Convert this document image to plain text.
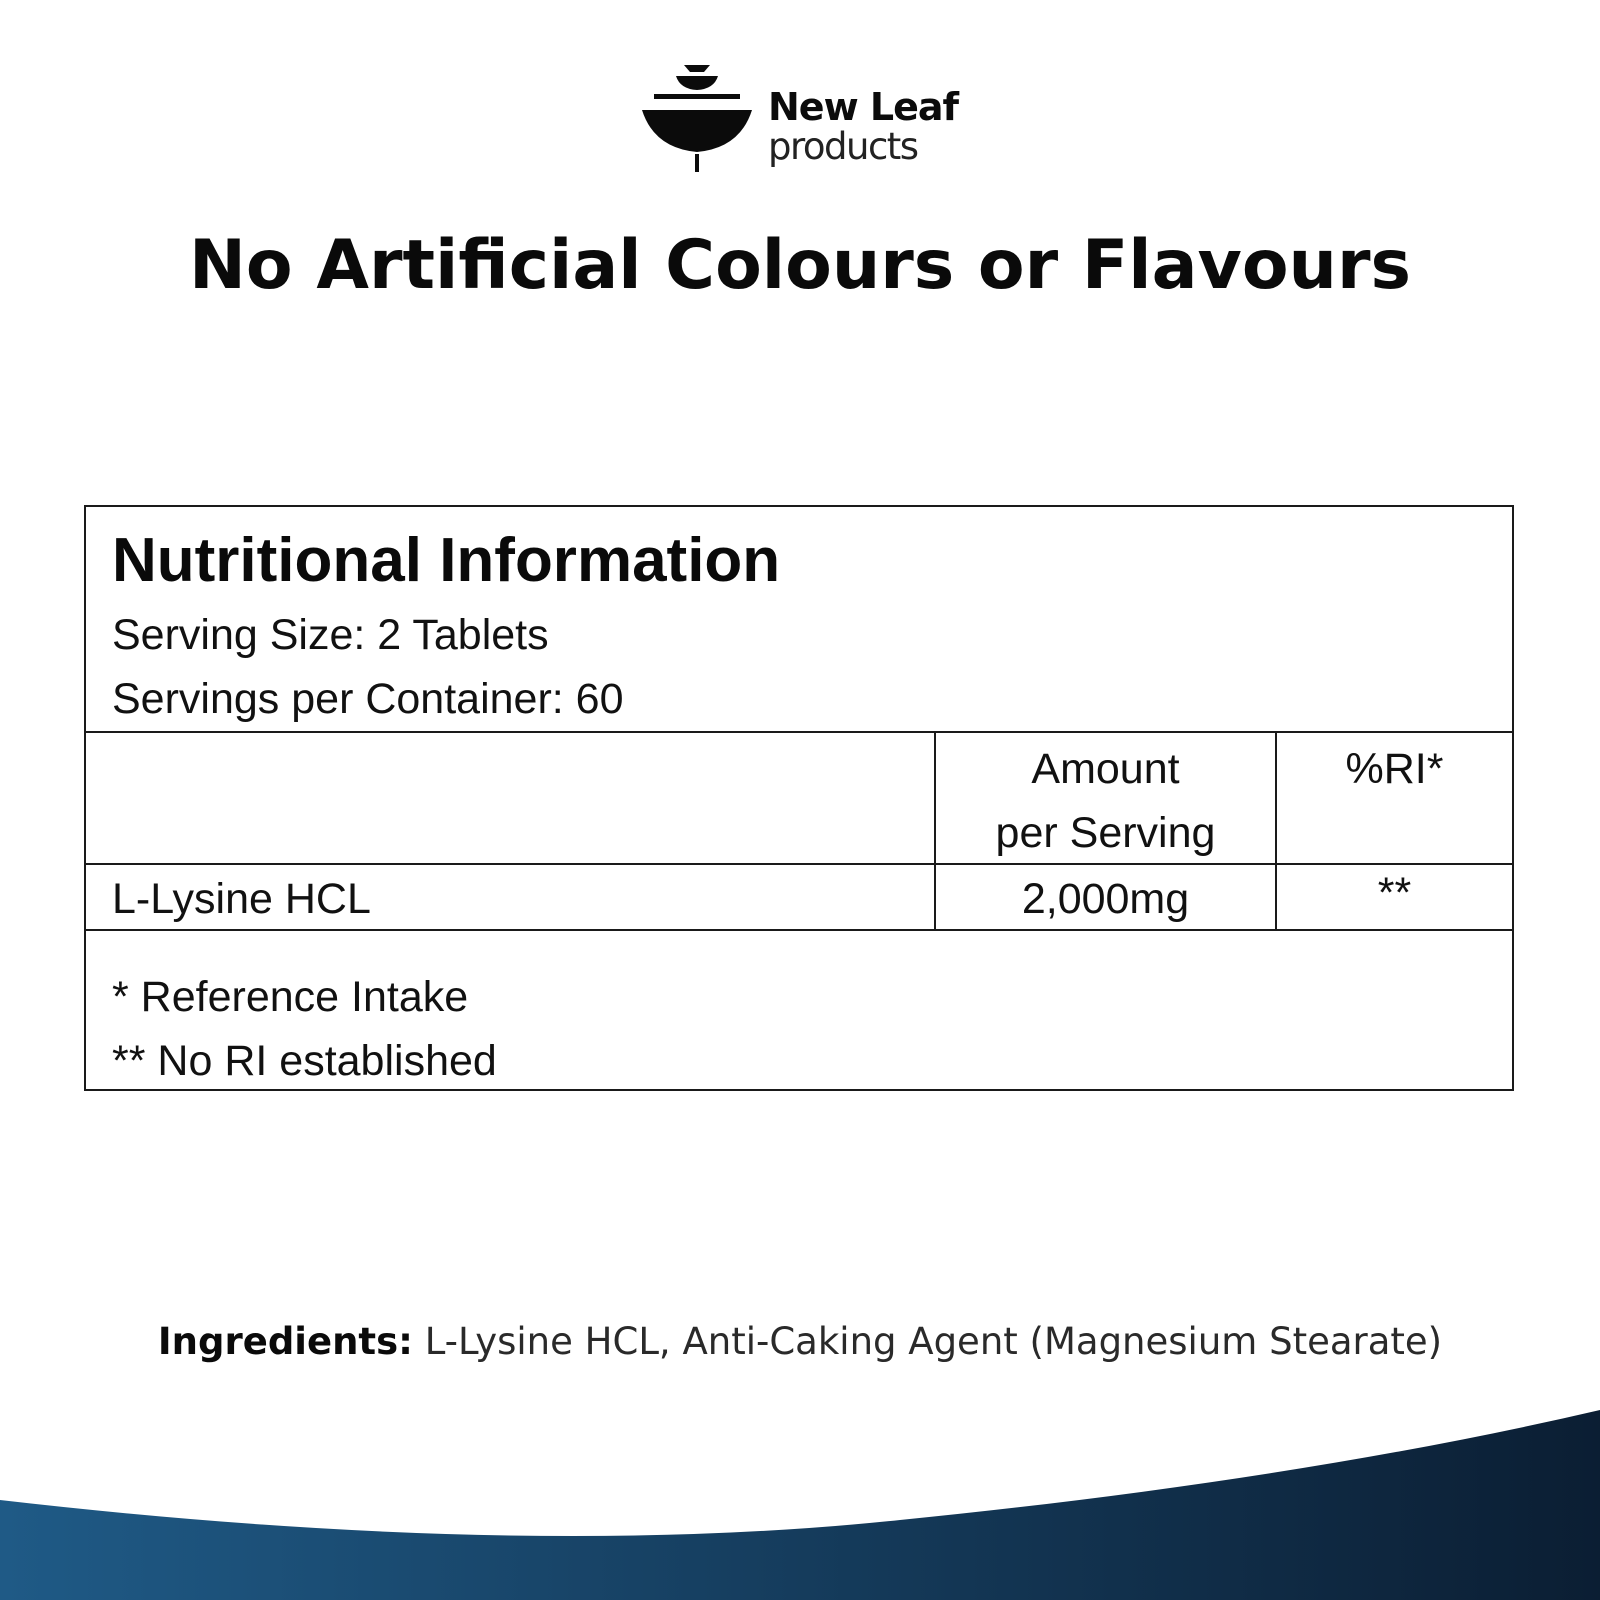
New Leaf
products
No Artificial Colours or Flavours
Nutritional Information
Serving Size: 2 Tablets
Servings per Container: 60
Amount
per Serving
%RI*
L-Lysine HCL	2,000mg	**
* Reference Intake
** No RI established
Ingredients: L-Lysine HCL, Anti-Caking Agent (Magnesium Stearate)
